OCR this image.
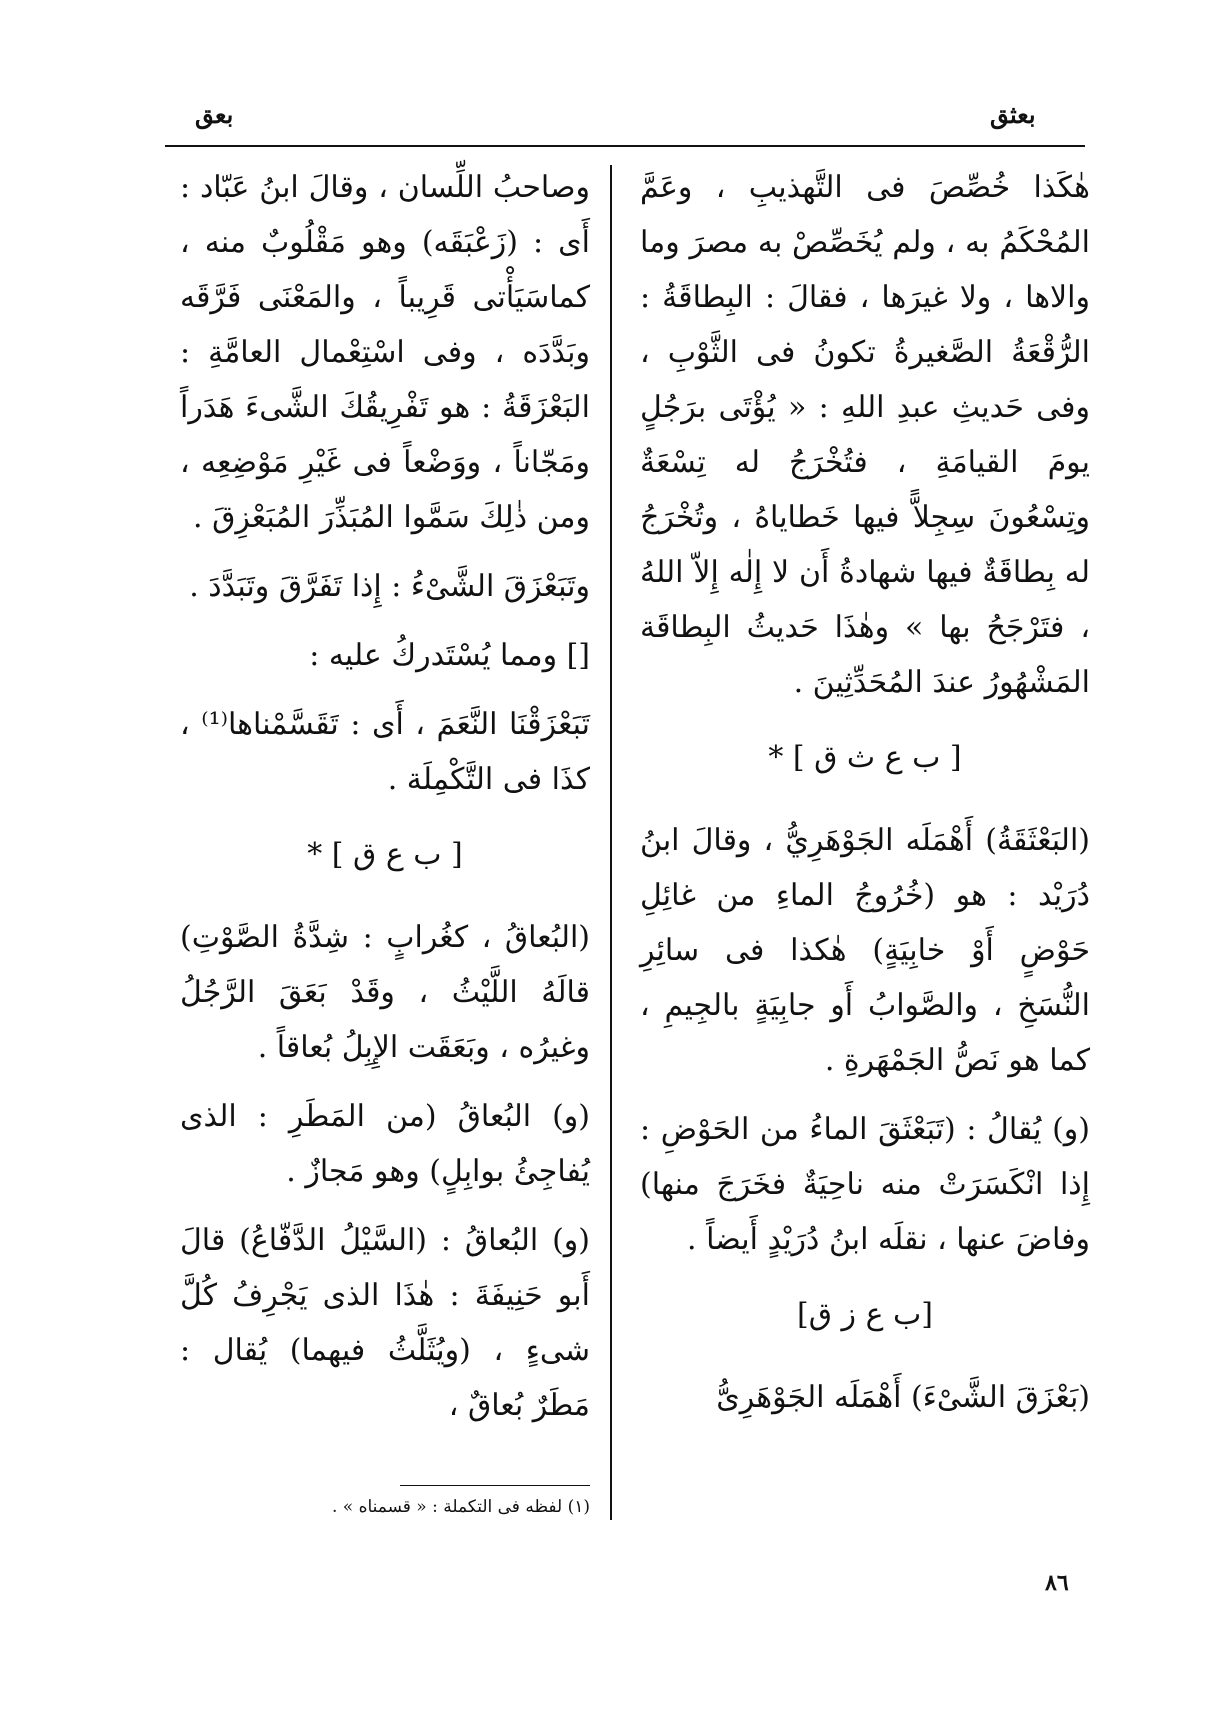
بعق	بعثق

هٰكَذا خُصِّصَ فى التَّهذيبِ ، وعَمَّ المُحْكَمُ به ، ولم يُخَصِّصْ به مصرَ وما والاها ، ولا غيرَها ، فقالَ : البِطاقَةُ : الرُّقْعَةُ الصَّغيرةُ تكونُ فى الثَّوْبِ ، وفى حَديثِ عبدِ اللهِ : « يُؤْتَى برَجُلٍ يومَ القيامَةِ ، فتُخْرَجُ له تِسْعَةٌ وتِسْعُونَ سِجِلاًّ فيها خَطاياهُ ، وتُخْرَجُ له بِطاقَةٌ فيها شهادةُ أَن لا إِلٰه إِلاّ اللهُ ، فتَرْجَحُ بها » وهٰذَا حَديثُ البِطاقَة المَشْهُورُ عندَ المُحَدِّثِينَ .

[ ب ع ث ق ] *

(البَعْثَقَةُ) أَهْمَلَه الجَوْهَرِيُّ ، وقالَ ابنُ دُرَيْد : هو (خُرُوجُ الماءِ من غائِلِ حَوْضٍ أَوْ خابِيَةٍ) هٰكذا فى سائِرِ النُّسَخِ ، والصَّوابُ أَو جابِيَةٍ بالجِيمِ ، كما هو نَصُّ الجَمْهَرةِ .

(و) يُقالُ : (تَبَعْثَقَ الماءُ من الحَوْضِ : إِذا انْكَسَرَتْ منه ناحِيَةٌ فخَرَجَ منها) وفاضَ عنها ، نقلَه ابنُ دُرَيْدٍ أَيضاً .

[ب ع ز ق]

(بَعْزَقَ الشَّىْءَ) أَهْمَلَه الجَوْهَرِىُّ

وصاحبُ اللِّسان ، وقالَ ابنُ عَبّاد : أَى : (زَعْبَقَه) وهو مَقْلُوبٌ منه ، كماسَيَأْتى قَرِيباً ، والمَعْنَى فَرَّقَه وبَدَّدَه ، وفى اسْتِعْمال العامَّةِ : البَعْزَقَةُ : هو تَفْرِيقُكَ الشَّىءَ هَدَراً ومَجّاناً ، ووَضْعاً فى غَيْرِ مَوْضِعِه ، ومن ذٰلِكَ سَمَّوا المُبَذِّرَ المُبَعْزِقَ .

وتَبَعْزَقَ الشَّىْءُ : إِذا تَفَرَّقَ وتَبَدَّدَ .

[] ومما يُسْتَدركُ عليه :

تَبَعْزَقْنَا النَّعَمَ ، أَى : تَقَسَّمْناها⁽¹⁾ ، كذَا فى التَّكْمِلَة .

[ ب ع ق ] *

(البُعاقُ ، كغُرابٍ : شِدَّةُ الصَّوْتِ) قالَهُ اللَّيْثُ ، وقَدْ بَعَقَ الرَّجُلُ وغيرُه ، وبَعَقَت الإِبِلُ بُعاقاً .

(و) البُعاقُ (من المَطَرِ : الذى يُفاجِئُ بوابِلٍ) وهو مَجازٌ .

(و) البُعاقُ : (السَّيْلُ الدَّفّاعُ) قالَ أَبو حَنِيفَةَ : هٰذَا الذى يَجْرِفُ كُلَّ شىءٍ ، (ويُثَلَّثُ فيهما) يُقال : مَطَرٌ بُعاقٌ ،

(١) لفظه فى التكملة : « قسمناه » .
٨٦
